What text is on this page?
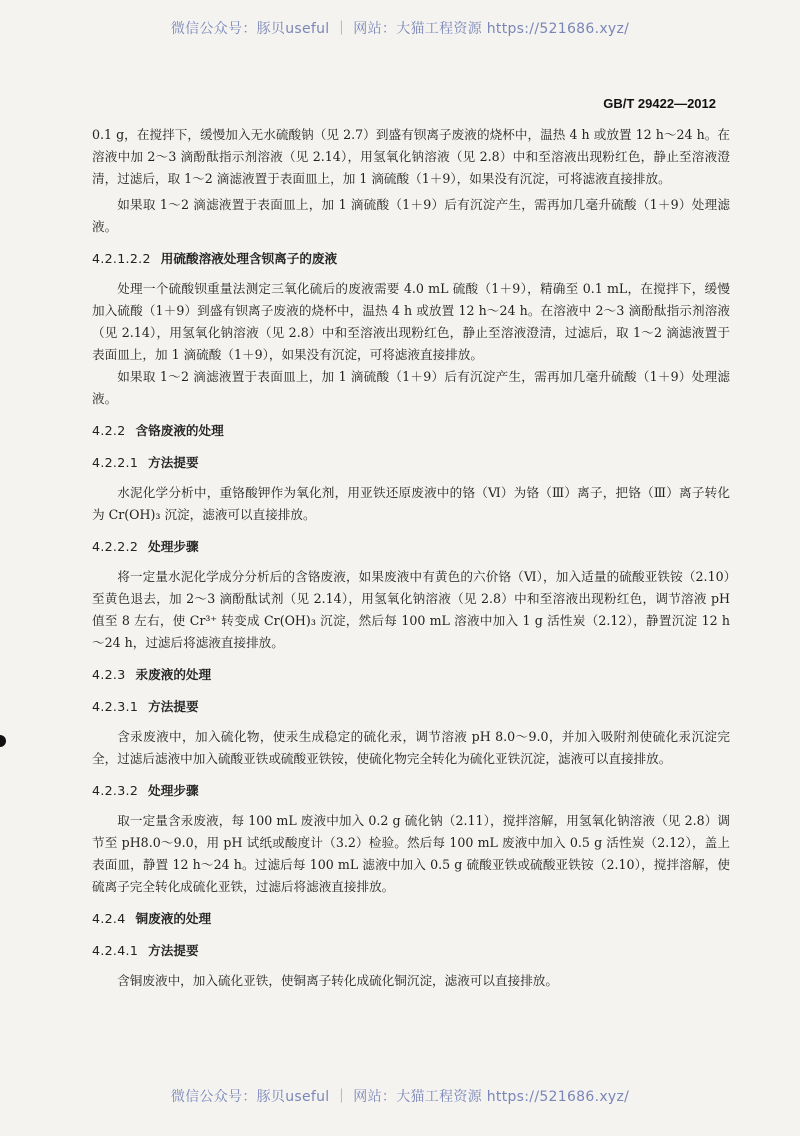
微信公众号：豚贝useful ｜ 网站：大猫工程资源 https://521686.xyz/
GB/T 29422—2012

0.1 g，在搅拌下，缓慢加入无水硫酸钠（见 2.7）到盛有钡离子废液的烧杯中，温热 4 h 或放置 12 h～24 h。在溶液中加 2～3 滴酚酞指示剂溶液（见 2.14），用氢氧化钠溶液（见 2.8）中和至溶液出现粉红色，静止至溶液澄清，过滤后，取 1～2 滴滤液置于表面皿上，加 1 滴硫酸（1＋9），如果没有沉淀，可将滤液直接排放。

如果取 1～2 滴滤液置于表面皿上，加 1 滴硫酸（1＋9）后有沉淀产生，需再加几毫升硫酸（1＋9）处理滤液。

4.2.1.2.2 用硫酸溶液处理含钡离子的废液

处理一个硫酸钡重量法测定三氧化硫后的废液需要 4.0 mL 硫酸（1＋9），精确至 0.1 mL，在搅拌下，缓慢加入硫酸（1＋9）到盛有钡离子废液的烧杯中，温热 4 h 或放置 12 h～24 h。在溶液中 2～3 滴酚酞指示剂溶液（见 2.14），用氢氧化钠溶液（见 2.8）中和至溶液出现粉红色，静止至溶液澄清，过滤后，取 1～2 滴滤液置于表面皿上，加 1 滴硫酸（1＋9），如果没有沉淀，可将滤液直接排放。

如果取 1～2 滴滤液置于表面皿上，加 1 滴硫酸（1＋9）后有沉淀产生，需再加几毫升硫酸（1＋9）处理滤液。

4.2.2 含铬废液的处理
4.2.2.1 方法提要

水泥化学分析中，重铬酸钾作为氧化剂，用亚铁还原废液中的铬（Ⅵ）为铬（Ⅲ）离子，把铬（Ⅲ）离子转化为 Cr(OH)₃ 沉淀，滤液可以直接排放。

4.2.2.2 处理步骤

将一定量水泥化学成分分析后的含铬废液，如果废液中有黄色的六价铬（Ⅵ），加入适量的硫酸亚铁铵（2.10）至黄色退去，加 2～3 滴酚酞试剂（见 2.14），用氢氧化钠溶液（见 2.8）中和至溶液出现粉红色，调节溶液 pH 值至 8 左右，使 Cr³⁺ 转变成 Cr(OH)₃ 沉淀，然后每 100 mL 溶液中加入 1 g 活性炭（2.12），静置沉淀 12 h～24 h，过滤后将滤液直接排放。

4.2.3 汞废液的处理
4.2.3.1 方法提要

含汞废液中，加入硫化物，使汞生成稳定的硫化汞，调节溶液 pH 8.0～9.0，并加入吸附剂使硫化汞沉淀完全，过滤后滤液中加入硫酸亚铁或硫酸亚铁铵，使硫化物完全转化为硫化亚铁沉淀，滤液可以直接排放。

4.2.3.2 处理步骤

取一定量含汞废液，每 100 mL 废液中加入 0.2 g 硫化钠（2.11），搅拌溶解，用氢氧化钠溶液（见 2.8）调节至 pH8.0～9.0，用 pH 试纸或酸度计（3.2）检验。然后每 100 mL 废液中加入 0.5 g 活性炭（2.12），盖上表面皿，静置 12 h～24 h。过滤后每 100 mL 滤液中加入 0.5 g 硫酸亚铁或硫酸亚铁铵（2.10），搅拌溶解，使硫离子完全转化成硫化亚铁，过滤后将滤液直接排放。

4.2.4 铜废液的处理
4.2.4.1 方法提要

含铜废液中，加入硫化亚铁，使铜离子转化成硫化铜沉淀，滤液可以直接排放。

微信公众号：豚贝useful ｜ 网站：大猫工程资源 https://521686.xyz/
